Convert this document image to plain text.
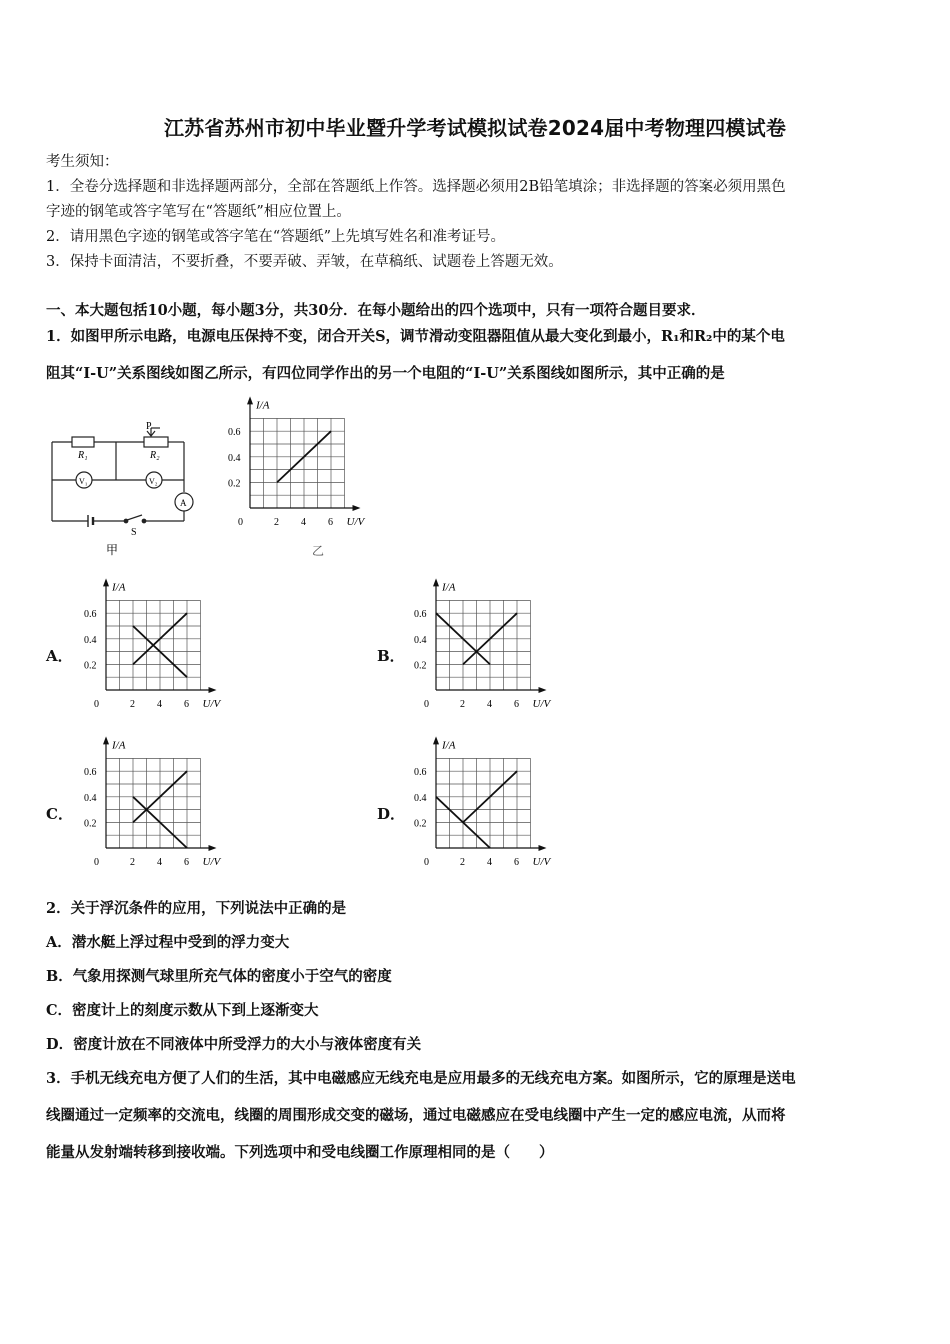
江苏省苏州市初中毕业暨升学考试模拟试卷2024届中考物理四模试卷
考生须知：
1．全卷分选择题和非选择题两部分，全部在答题纸上作答。选择题必须用2B铅笔填涂；非选择题的答案必须用黑色
字迹的钢笔或答字笔写在“答题纸”相应位置上。
2．请用黑色字迹的钢笔或答字笔在“答题纸”上先填写姓名和准考证号。
3．保持卡面清洁，不要折叠，不要弄破、弄皱，在草稿纸、试题卷上答题无效。
一、本大题包括10小题，每小题3分，共30分．在每小题给出的四个选项中，只有一项符合题目要求．
1．如图甲所示电路，电源电压保持不变，闭合开关S，调节滑动变阻器阻值从最大变化到最小，R₁和R₂中的某个电
阻其“I-U”关系图线如图乙所示，有四位同学作出的另一个电阻的“I-U”关系图线如图所示，其中正确的是
R₁	R₂
P
V₁	V₂
A
S
甲
I/A
U/V
0	2 4 6
0.2
0.4
0.6
乙
A．
I/A
U/V
0	2 4 6
0.2
0.4
0.6
B．
I/A
U/V
0	2 4 6
0.2
0.4
0.6
C．
I/A
U/V
0	2 4 6
0.2
0.4
0.6
D．
I/A
U/V
0	2 4 6
0.2
0.4
0.6
2．关于浮沉条件的应用，下列说法中正确的是
A．潜水艇上浮过程中受到的浮力变大
B．气象用探测气球里所充气体的密度小于空气的密度
C．密度计上的刻度示数从下到上逐渐变大
D．密度计放在不同液体中所受浮力的大小与液体密度有关
3．手机无线充电方便了人们的生活，其中电磁感应无线充电是应用最多的无线充电方案。如图所示，它的原理是送电
线圈通过一定频率的交流电，线圈的周围形成交变的磁场，通过电磁感应在受电线圈中产生一定的感应电流，从而将
能量从发射端转移到接收端。下列选项中和受电线圈工作原理相同的是（　　）
